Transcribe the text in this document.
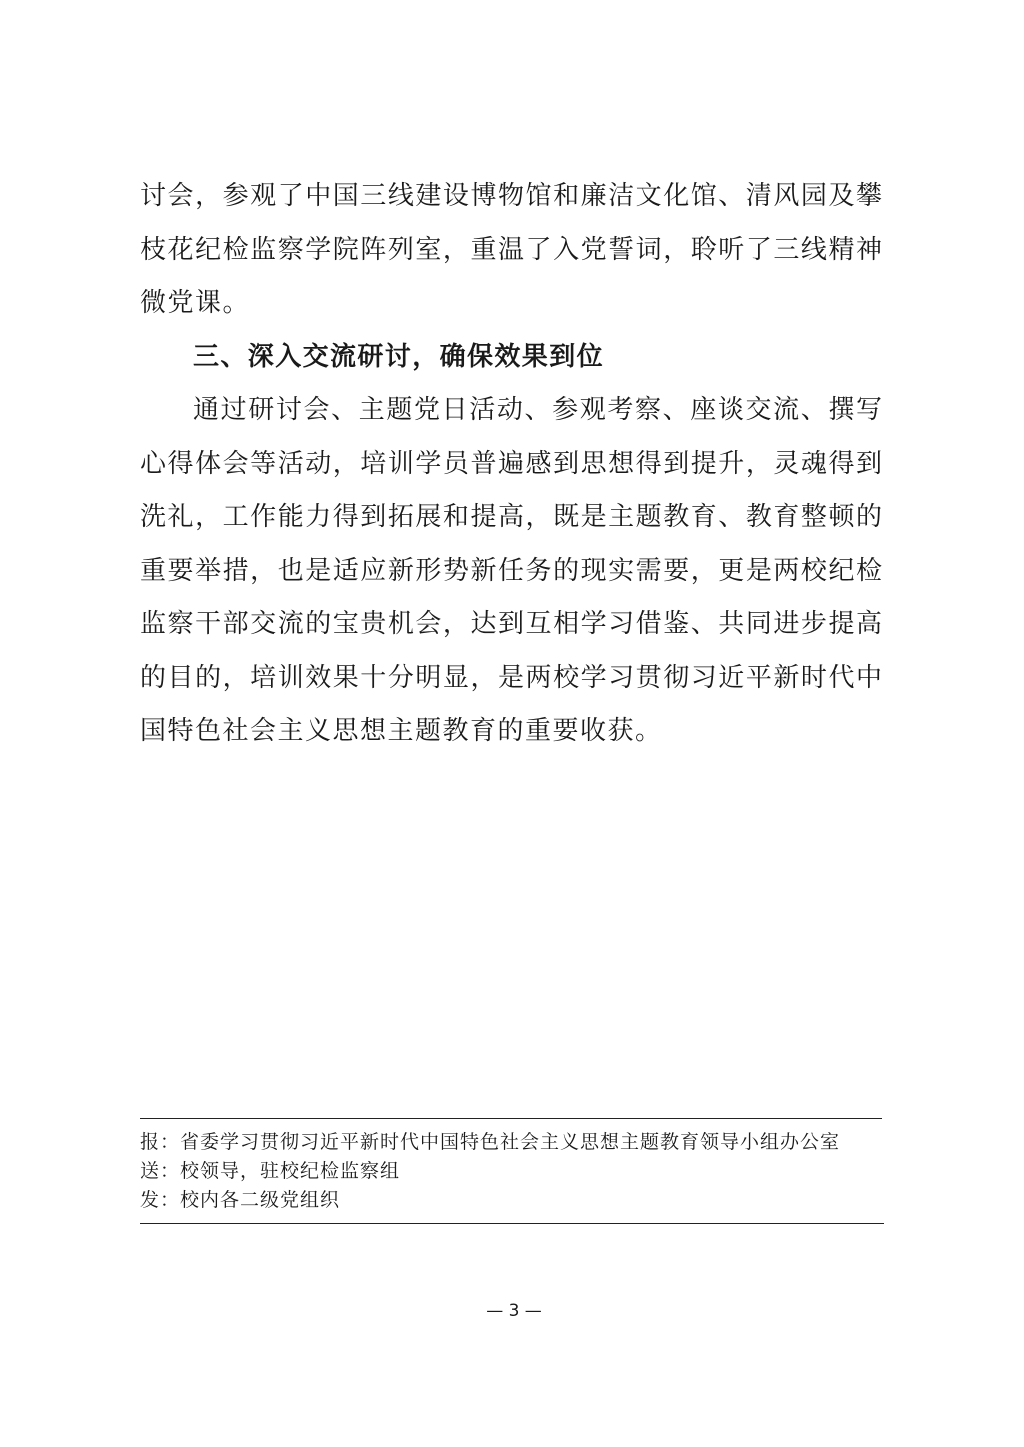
讨会，参观了中国三线建设博物馆和廉洁文化馆、清风园及攀
枝花纪检监察学院阵列室，重温了入党誓词，聆听了三线精神
微党课。
三、深入交流研讨，确保效果到位
通过研讨会、主题党日活动、参观考察、座谈交流、撰写
心得体会等活动，培训学员普遍感到思想得到提升，灵魂得到
洗礼，工作能力得到拓展和提高，既是主题教育、教育整顿的
重要举措，也是适应新形势新任务的现实需要，更是两校纪检
监察干部交流的宝贵机会，达到互相学习借鉴、共同进步提高
的目的，培训效果十分明显，是两校学习贯彻习近平新时代中
国特色社会主义思想主题教育的重要收获。
报：省委学习贯彻习近平新时代中国特色社会主义思想主题教育领导小组办公室
送：校领导，驻校纪检监察组
发：校内各二级党组织
— 3 —
